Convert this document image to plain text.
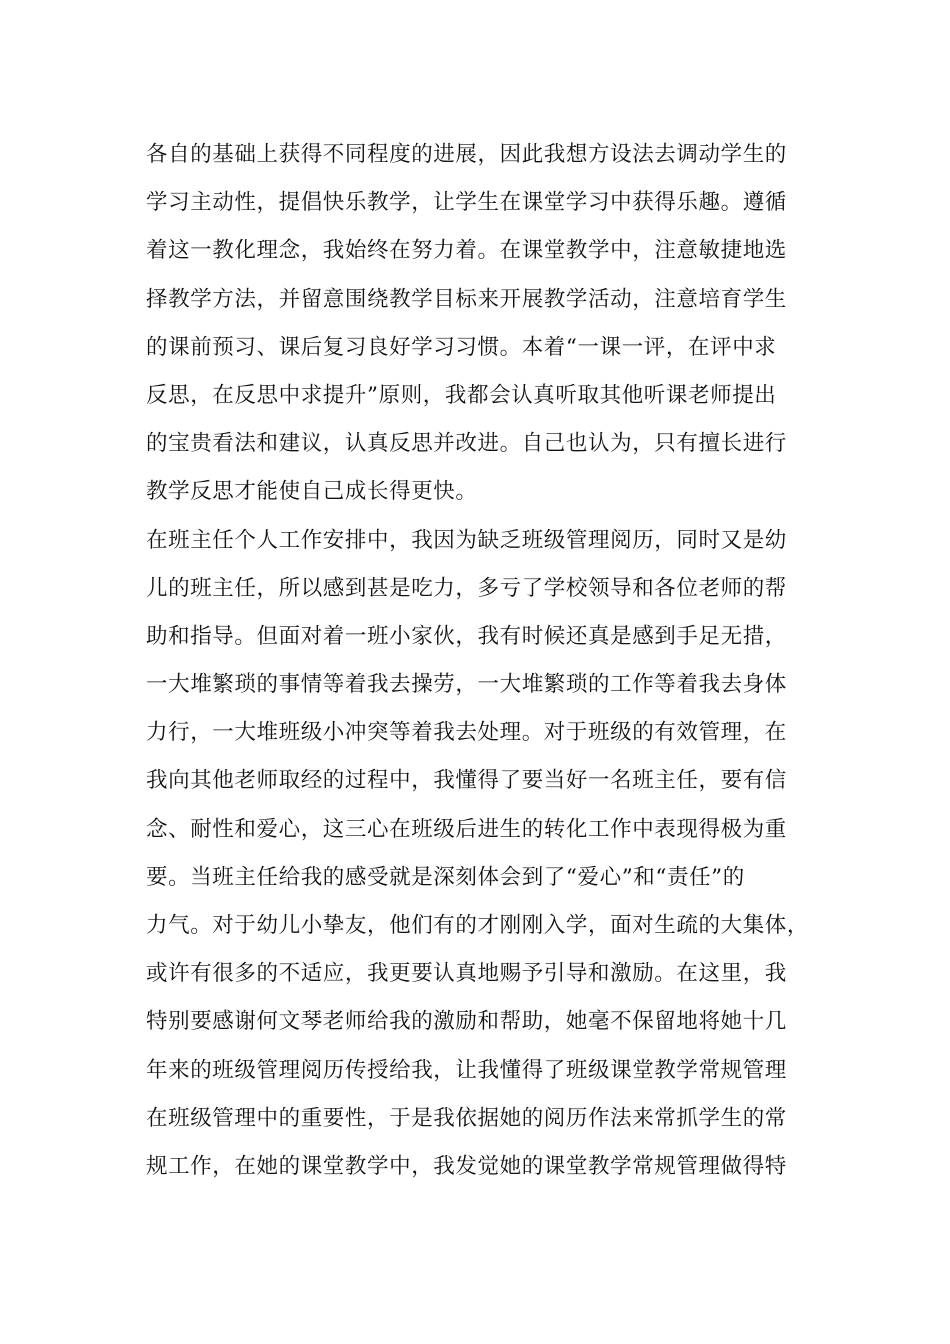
各自的基础上获得不同程度的进展，因此我想方设法去调动学生的
学习主动性，提倡快乐教学，让学生在课堂学习中获得乐趣。遵循
着这一教化理念，我始终在努力着。在课堂教学中，注意敏捷地选
择教学方法，并留意围绕教学目标来开展教学活动，注意培育学生
的课前预习、课后复习良好学习习惯。本着“一课一评，在评中求
反思，在反思中求提升”原则，我都会认真听取其他听课老师提出
的宝贵看法和建议，认真反思并改进。自己也认为，只有擅长进行
教学反思才能使自己成长得更快。
在班主任个人工作安排中，我因为缺乏班级管理阅历，同时又是幼
儿的班主任，所以感到甚是吃力，多亏了学校领导和各位老师的帮
助和指导。但面对着一班小家伙，我有时候还真是感到手足无措，
一大堆繁琐的事情等着我去操劳，一大堆繁琐的工作等着我去身体
力行，一大堆班级小冲突等着我去处理。对于班级的有效管理，在
我向其他老师取经的过程中，我懂得了要当好一名班主任，要有信
念、耐性和爱心，这三心在班级后进生的转化工作中表现得极为重
要。当班主任给我的感受就是深刻体会到了“爱心”和“责任”的
力气。对于幼儿小挚友，他们有的才刚刚入学，面对生疏的大集体，
或许有很多的不适应，我更要认真地赐予引导和激励。在这里，我
特别要感谢何文琴老师给我的激励和帮助，她毫不保留地将她十几
年来的班级管理阅历传授给我，让我懂得了班级课堂教学常规管理
在班级管理中的重要性，于是我依据她的阅历作法来常抓学生的常
规工作，在她的课堂教学中，我发觉她的课堂教学常规管理做得特
